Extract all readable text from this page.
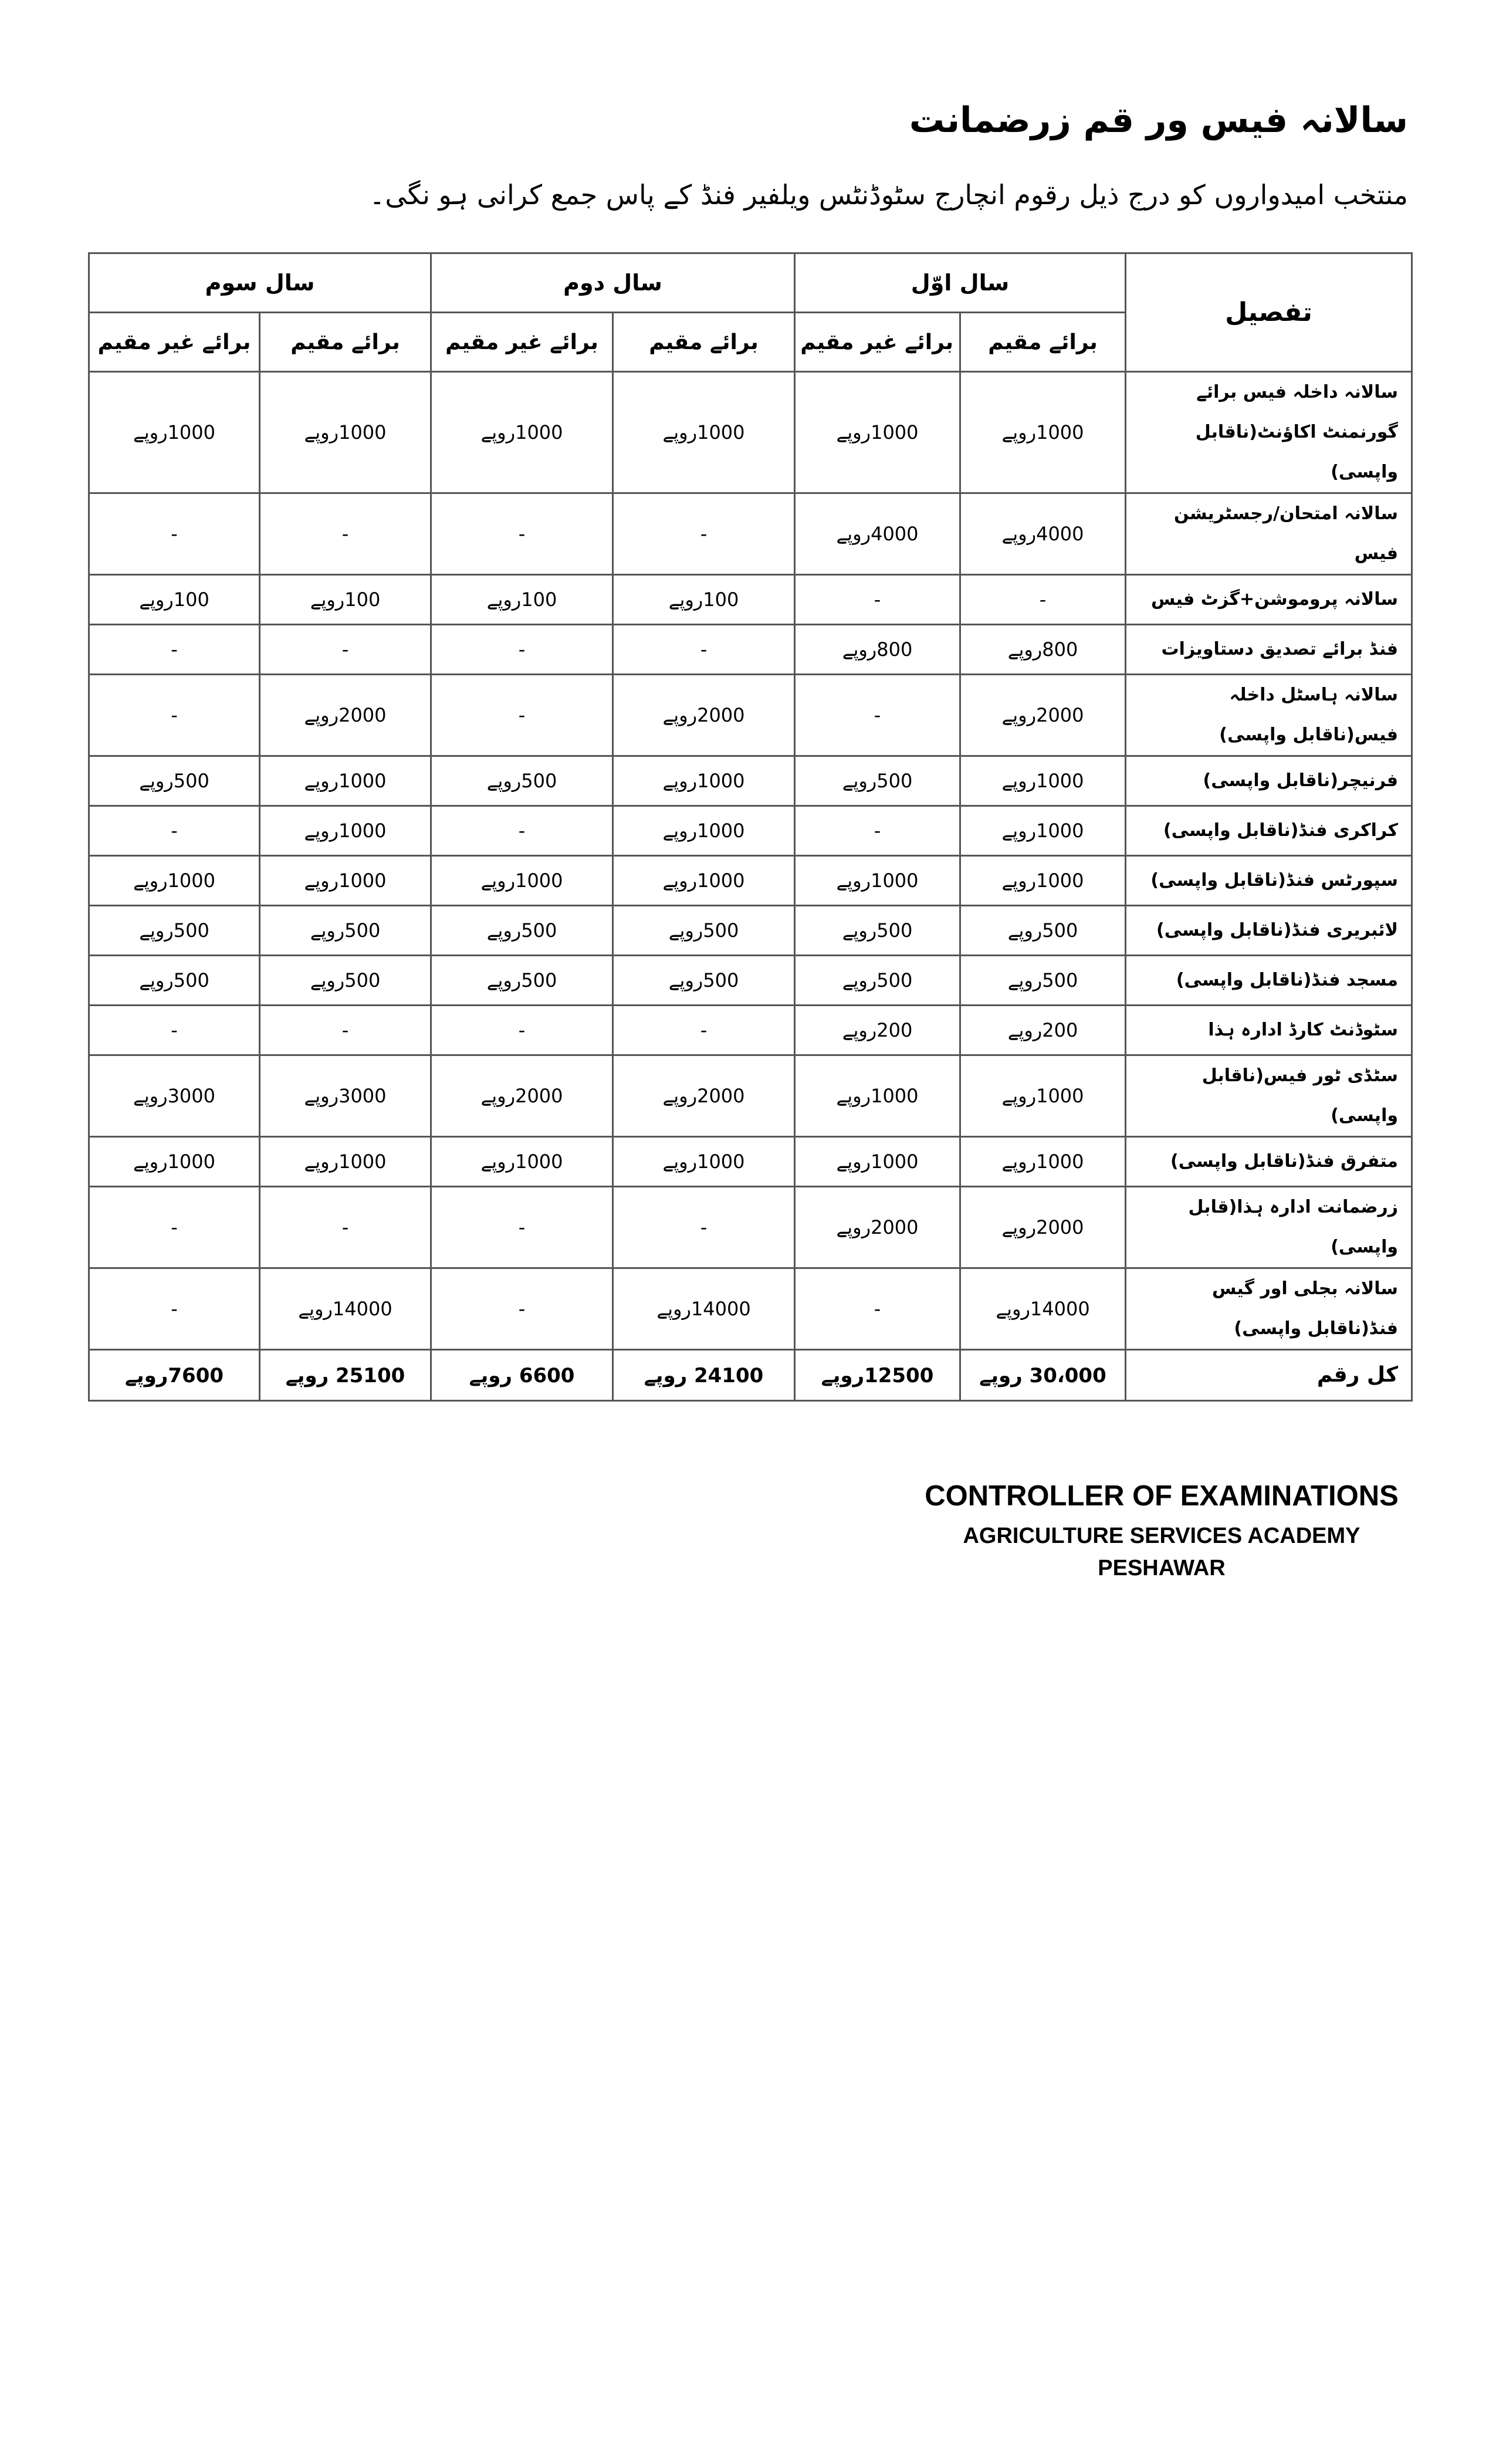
سالانہ فیس ور قم زرضمانت
منتخب امیدواروں کو درج ذیل رقوم انچارج سٹوڈنٹس ویلفیر فنڈ کے پاس جمع کرانی ہو نگی۔
تفصیل	سال اوّل		سال دوم		سال سوم	
	برائے مقیم	برائے غیر مقیم	برائے مقیم	برائے غیر مقیم	برائے مقیم	برائے غیر مقیم
سالانہ داخلہ فیس برائے گورنمنٹ اکاؤنٹ(ناقابل واپسی)	1000روپے	1000روپے	1000روپے	1000روپے	1000روپے	1000روپے
سالانہ امتحان/رجسٹریشن فیس	4000روپے	4000روپے	-	-	-	-
سالانہ پروموشن+گزٹ فیس	-	-	100روپے	100روپے	100روپے	100روپے
فنڈ برائے تصدیق دستاویزات	800روپے	800روپے	-	-	-	-
سالانہ ہاسٹل داخلہ فیس(ناقابل واپسی)	2000روپے	-	2000روپے	-	2000روپے	-
فرنیچر(ناقابل واپسی)	1000روپے	500روپے	1000روپے	500روپے	1000روپے	500روپے
کراکری فنڈ(ناقابل واپسی)	1000روپے	-	1000روپے	-	1000روپے	-
سپورٹس فنڈ(ناقابل واپسی)	1000روپے	1000روپے	1000روپے	1000روپے	1000روپے	1000روپے
لائبریری فنڈ(ناقابل واپسی)	500روپے	500روپے	500روپے	500روپے	500روپے	500روپے
مسجد فنڈ(ناقابل واپسی)	500روپے	500روپے	500روپے	500روپے	500روپے	500روپے
سٹوڈنٹ کارڈ ادارہ ہذا	200روپے	200روپے	-	-	-	-
سٹڈی ٹور فیس(ناقابل واپسی)	1000روپے	1000روپے	2000روپے	2000روپے	3000روپے	3000روپے
متفرق فنڈ(ناقابل واپسی)	1000روپے	1000روپے	1000روپے	1000روپے	1000روپے	1000روپے
زرضمانت ادارہ ہذا(قابل واپسی)	2000روپے	2000روپے	-	-	-	-
سالانہ بجلی اور گیس فنڈ(ناقابل واپسی)	14000روپے	-	14000روپے	-	14000روپے	-
کل رقم	30،000 روپے	12500روپے	24100 روپے	6600 روپے	25100 روپے	7600روپے
CONTROLLER OF EXAMINATIONS
AGRICULTURE SERVICES ACADEMY
PESHAWAR
